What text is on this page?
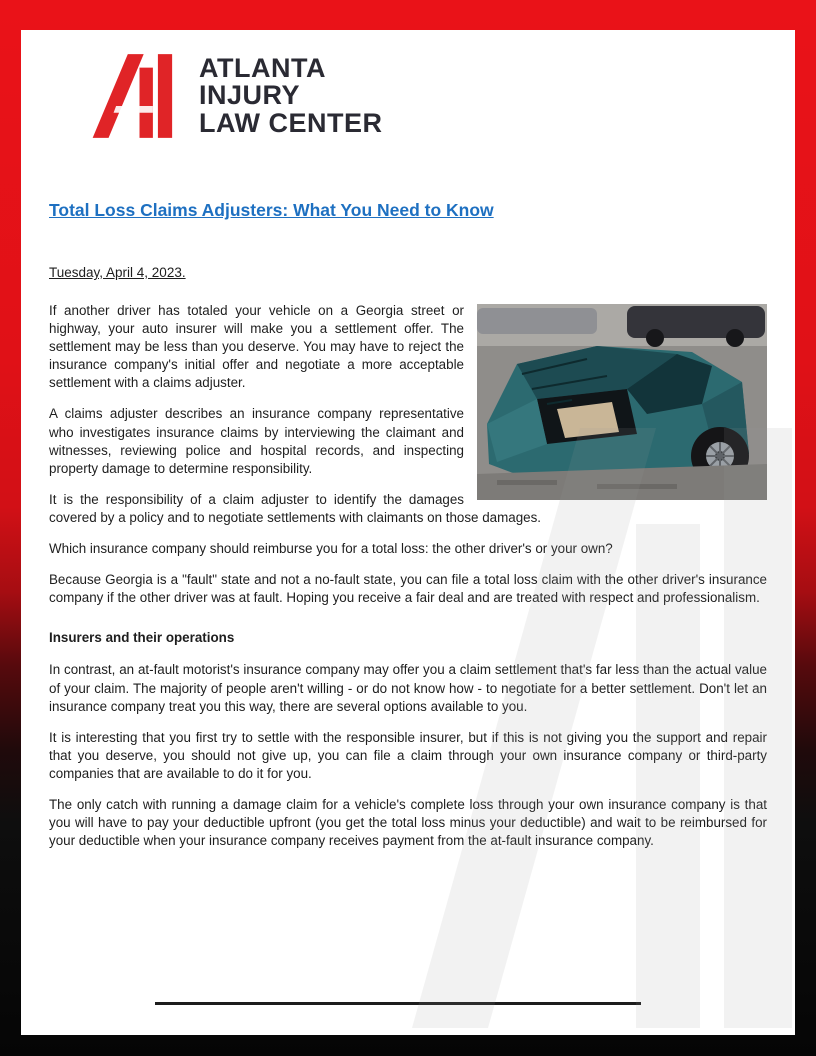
ATLANTA
INJURY
LAW CENTER
Total Loss Claims Adjusters: What You Need to Know
Tuesday, April 4, 2023.

If another driver has totaled your vehicle on a Georgia street or highway, your auto insurer will make you a settlement offer. The settlement may be less than you deserve. You may have to reject the insurance company's initial offer and negotiate a more acceptable settlement with a claims adjuster.

A claims adjuster describes an insurance company representative who investigates insurance claims by interviewing the claimant and witnesses, reviewing police and hospital records, and inspecting property damage to determine responsibility.

It is the responsibility of a claim adjuster to identify the damages covered by a policy and to negotiate settlements with claimants on those damages.

Which insurance company should reimburse you for a total loss: the other driver's or your own?

Because Georgia is a "fault" state and not a no-fault state, you can file a total loss claim with the other driver's insurance company if the other driver was at fault. Hoping you receive a fair deal and are treated with respect and professionalism.

Insurers and their operations

In contrast, an at-fault motorist's insurance company may offer you a claim settlement that's far less than the actual value of your claim. The majority of people aren't willing - or do not know how - to negotiate for a better settlement. Don't let an insurance company treat you this way, there are several options available to you.

It is interesting that you first try to settle with the responsible insurer, but if this is not giving you the support and repair that you deserve, you should not give up, you can file a claim through your own insurance company or third-party companies that are available to do it for you.

The only catch with running a damage claim for a vehicle's complete loss through your own insurance company is that you will have to pay your deductible upfront (you get the total loss minus your deductible) and wait to be reimbursed for your deductible when your insurance company receives payment from the at-fault insurance company.
